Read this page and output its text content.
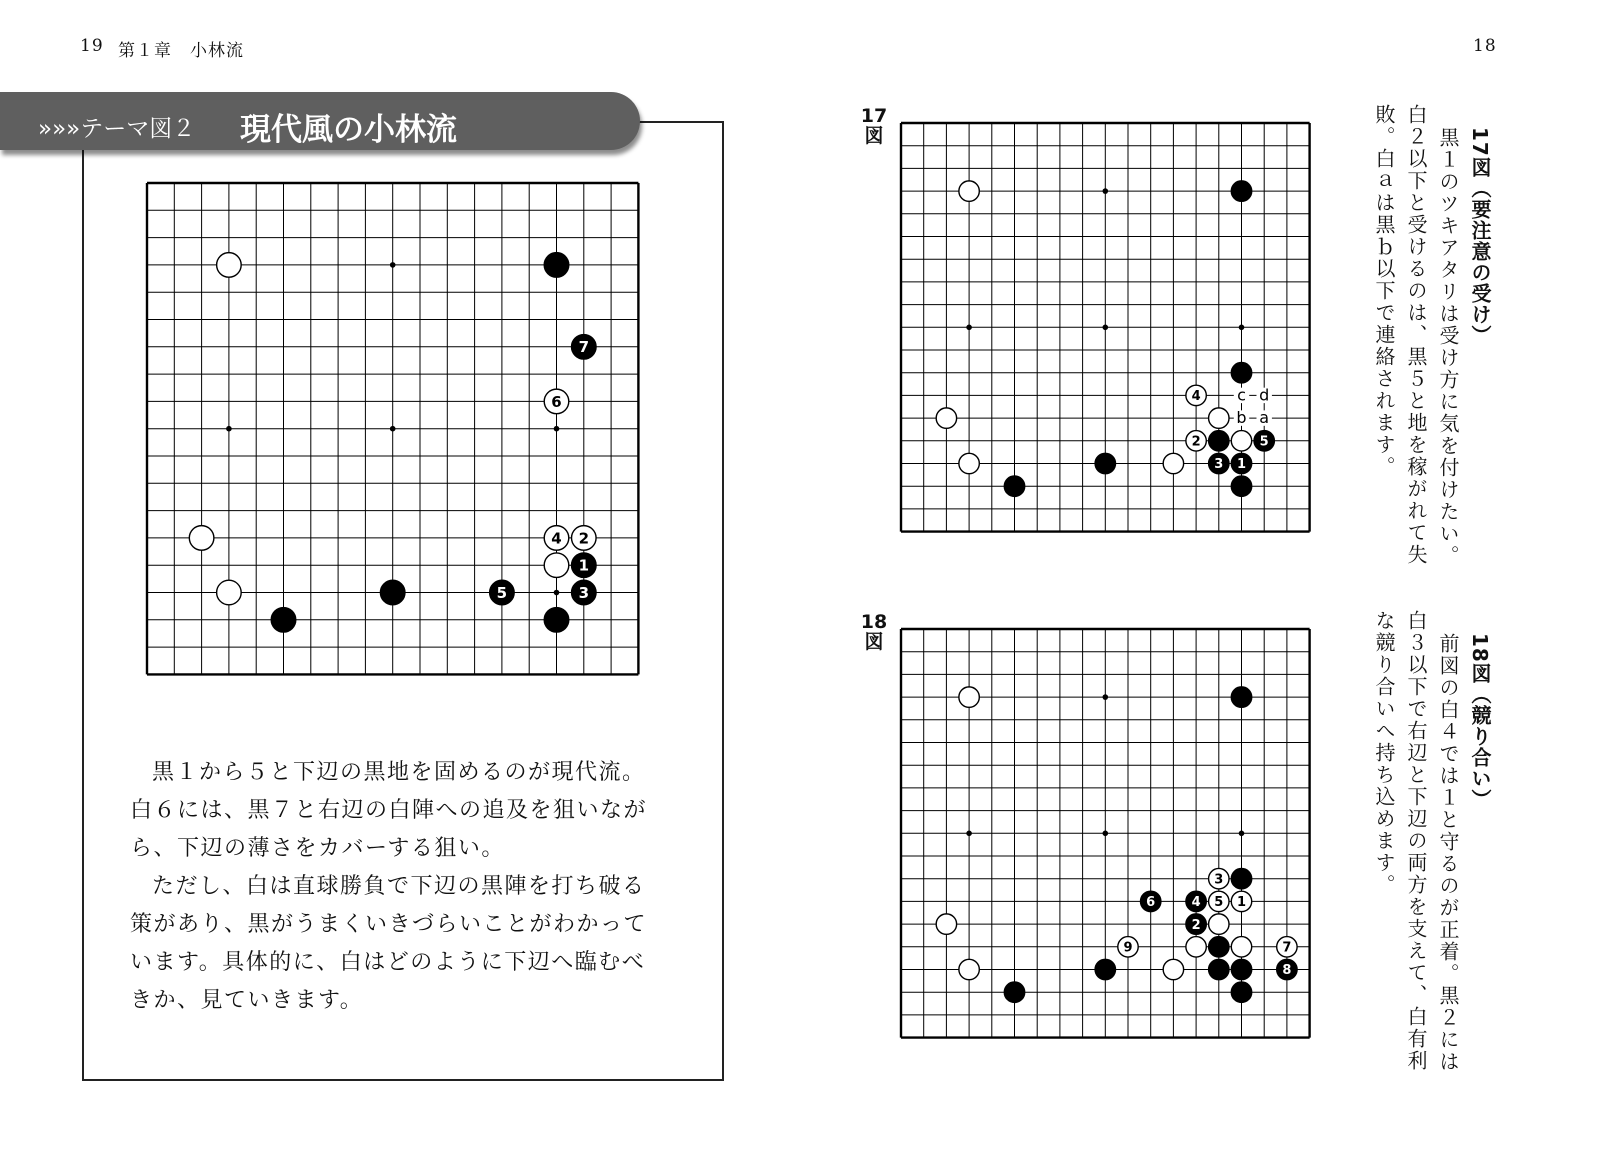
19 第１章　小林流	18
»»»テーマ図２ 現代風の小林流
7
6
4 2
1
5	3
黒１から５と下辺の黒地を固めるのが現代流。
白６には、黒７と右辺の白陣への追及を狙いなが
ら、下辺の薄さをカバーする狙い。
ただし、白は直球勝負で下辺の黒陣を打ち破る
策があり、黒がうまくいきづらいことがわかって
います。具体的に、白はどのように下辺へ臨むべ
きか、見ていきます。
17
図
4
2	5
3 1
c d
b a
17図（要注意の受け）
黒１のツキアタリは受け方に気を付けたい。
白２以下と受けるのは、黒５と地を稼がれて失
敗。白ａは黒ｂ以下で連絡されます。
18
図
3
6	4 5 1
2
9	7
8
18図（競り合い）
前図の白４では１と守るのが正着。黒２には
白３以下で右辺と下辺の両方を支えて、白有利
な競り合いへ持ち込めます。
